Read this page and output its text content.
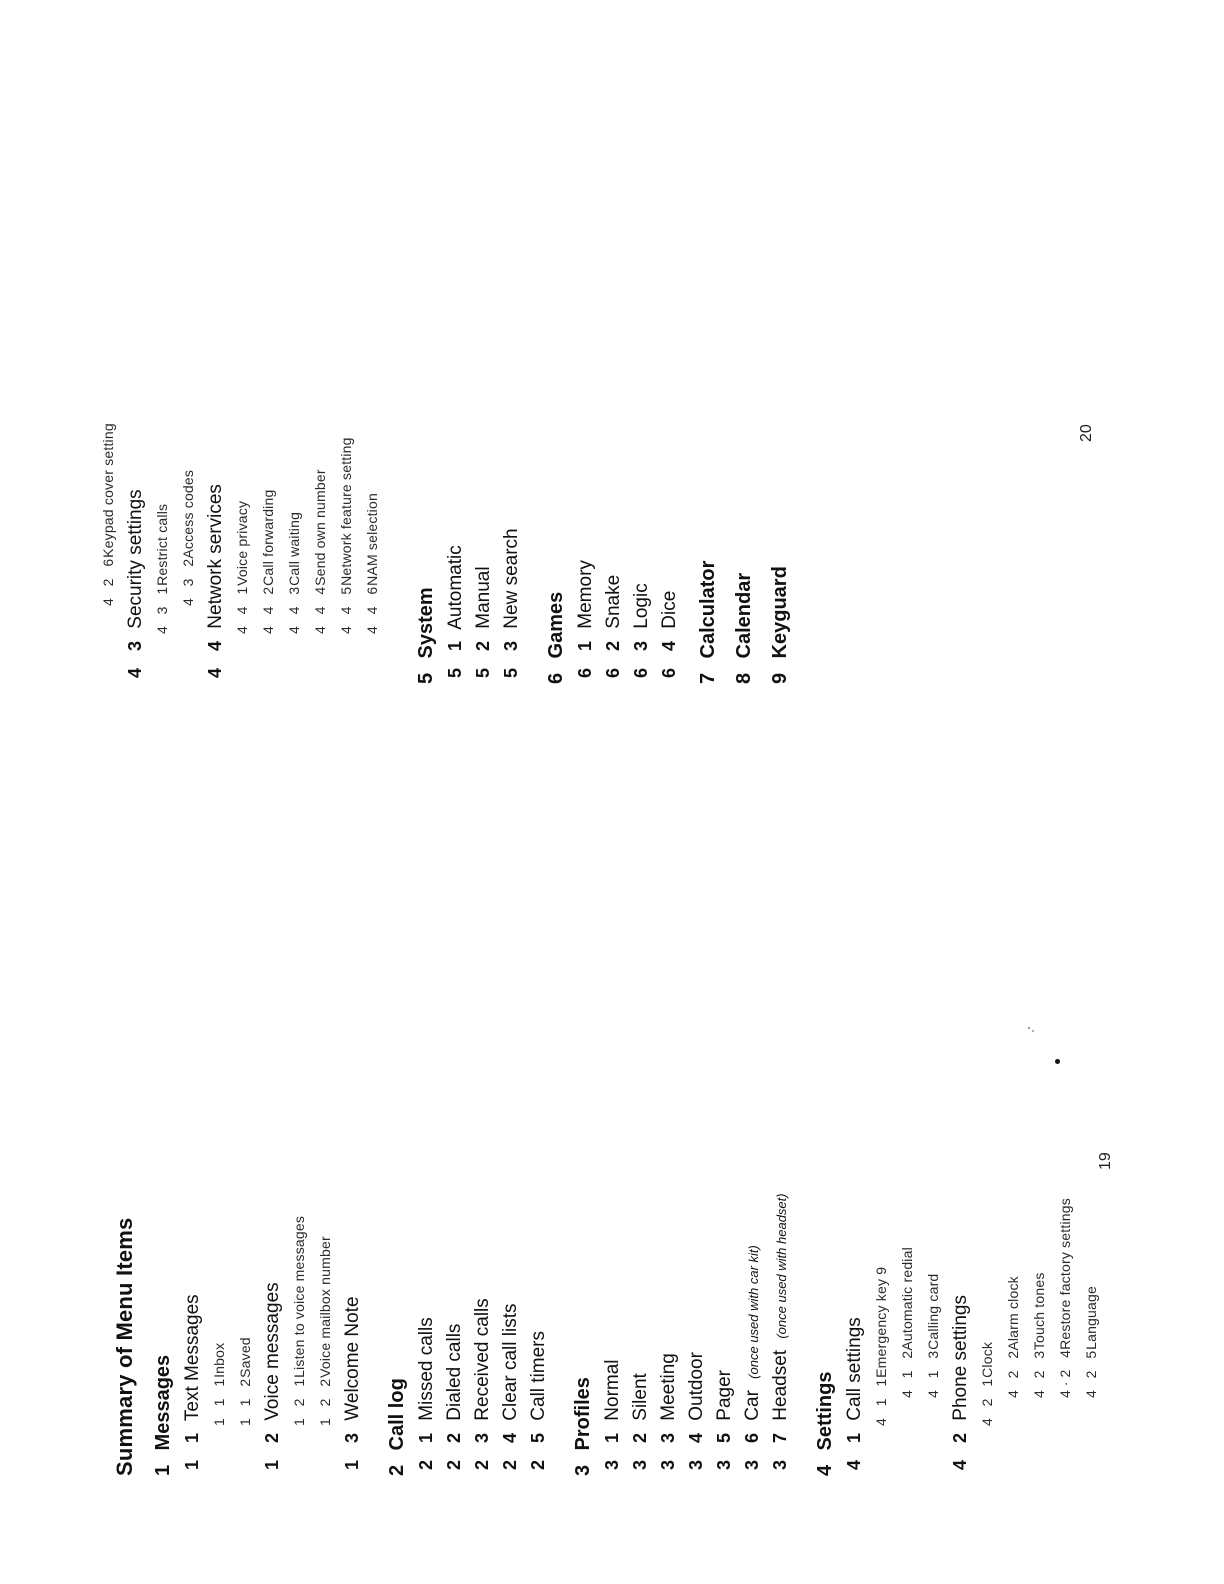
Summary of Menu Items 1 Messages 1 1 Text Messages 1 1 1 Inbox
1 1 2 Saved
1 2 Voice messages 1 2 1 Listen to voice messages
1 2 2 Voice mailbox number
1 3 Welcome Note
2 Call log 2 1 Missed calls
2 2 Dialed calls
2 3 Received calls
2 4 Clear call lists
2 5 Call timers
3 Profiles 3 1 Normal
3 2 Silent
3 3 Meeting
3 4 Outdoor
3 5 Pager
3 6 Car (once used with car kit)
3 7 Headset (once used with headset)
4 Settings 4 1 Call settings 4 1 1 Emergency key 9 4 1 2 Automatic redial
4 1 3 Calling card
4 2 Phone settings 4 2 1 Clock 4 2 2 Alarm clock
4 2 3 Touch tones
4·2 4 Restore factory settings
4 2 5 Language
19
4 2 6 Keypad cover setting
4 3 Security settings 4 3 1 Restrict calls 4 3 2 Access codes
4 4 Network services 4 4 1 Voice privacy
4 4 2 Call forwarding
4 4 3 Call waiting
4 4 4 Send own number
4 4 5 Network feature setting
4 4 6 NAM selection
5 System 5 1 Automatic
5 2 Manual
5 3 New search
6 Games 6 1 Memory
6 2 Snake
6 3 Logic
6 4 Dice
7 Calculator
8 Calendar
9 Keyguard
20
